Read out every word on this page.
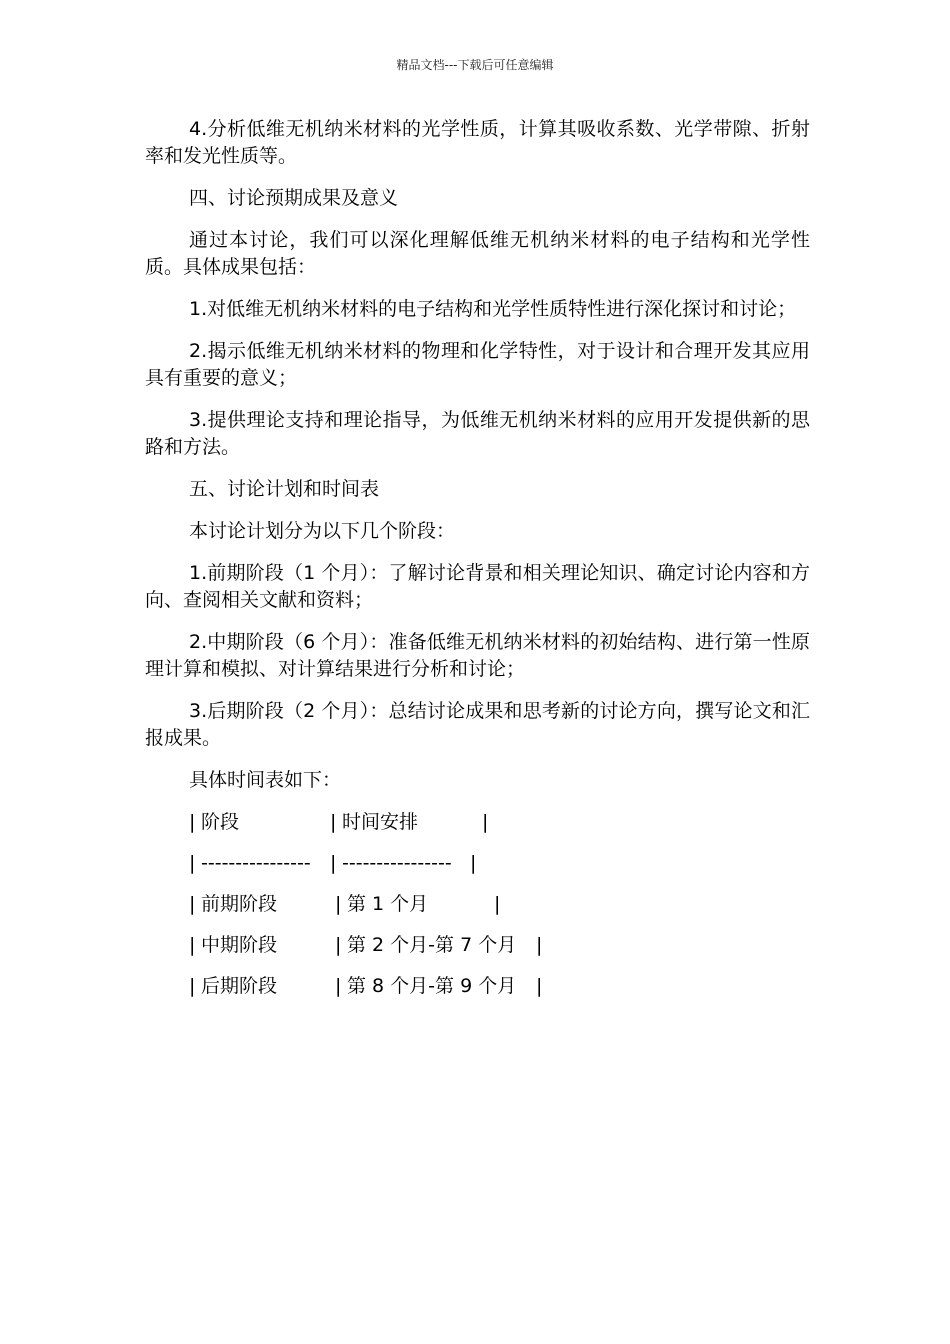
精品文档---下载后可任意编辑

4.分析低维无机纳米材料的光学性质，计算其吸收系数、光学带隙、折射率和发光性质等。

四、讨论预期成果及意义

通过本讨论，我们可以深化理解低维无机纳米材料的电子结构和光学性质。具体成果包括：

1.对低维无机纳米材料的电子结构和光学性质特性进行深化探讨和讨论；

2.揭示低维无机纳米材料的物理和化学特性，对于设计和合理开发其应用具有重要的意义；

3.提供理论支持和理论指导，为低维无机纳米材料的应用开发提供新的思路和方法。

五、讨论计划和时间表

本讨论计划分为以下几个阶段：

1.前期阶段（1 个月）：了解讨论背景和相关理论知识、确定讨论内容和方向、查阅相关文献和资料；

2.中期阶段（6 个月）：准备低维无机纳米材料的初始结构、进行第一性原理计算和模拟、对计算结果进行分析和讨论；

3.后期阶段（2 个月）：总结讨论成果和思考新的讨论方向，撰写论文和汇报成果。

具体时间表如下：

| 阶段	| 时间安排	|
| ---------------- | ---------------- |
| 前期阶段	| 第 1 个月	|
| 中期阶段	| 第 2 个月-第 7 个月 |
| 后期阶段	| 第 8 个月-第 9 个月 |
